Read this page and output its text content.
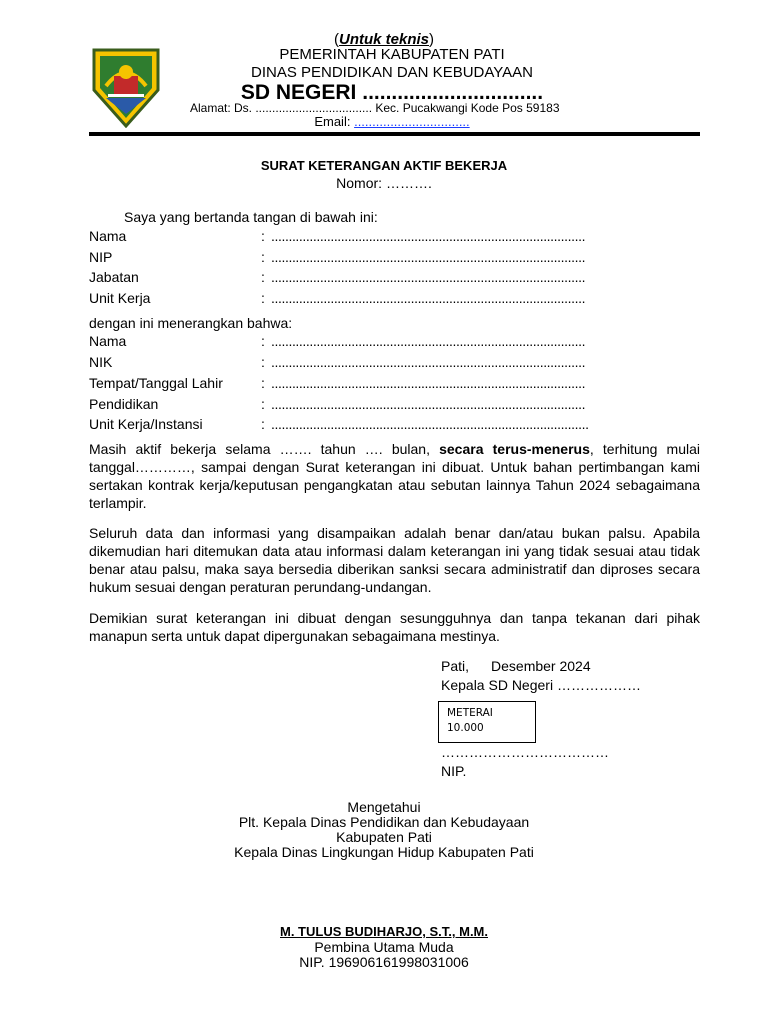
(Untuk teknis)
PEMERINTAH KABUPATEN PATI
DINAS PENDIDIKAN DAN KEBUDAYAAN
SD NEGERI ...............................
Alamat: Ds. ................................... Kec. Pucakwangi Kode Pos 59183
Email: ................................
SURAT KETERANGAN AKTIF BEKERJA
Nomor: ……….
Saya yang bertanda tangan di bawah ini:
Nama	: ..........................................................................................
NIP	: ..........................................................................................
Jabatan	: ..........................................................................................
Unit Kerja	: ..........................................................................................
dengan ini menerangkan bahwa:
Nama	: ..........................................................................................
NIK	: ..........................................................................................
Tempat/Tanggal Lahir	: ..........................................................................................
Pendidikan	: ..........................................................................................
Unit Kerja/Instansi	: ...........................................................................................
Masih aktif bekerja selama ……. tahun …. bulan, secara terus-menerus, terhitung mulai tanggal…………, sampai dengan Surat keterangan ini dibuat. Untuk bahan pertimbangan kami sertakan kontrak kerja/keputusan pengangkatan atau sebutan lainnya Tahun 2024 sebagaimana terlampir.
Seluruh data dan informasi yang disampaikan adalah benar dan/atau bukan palsu. Apabila dikemudian hari ditemukan data atau informasi dalam keterangan ini yang tidak sesuai atau tidak benar atau palsu, maka saya bersedia diberikan sanksi secara administratif dan diproses secara hukum sesuai dengan peraturan perundang-undangan.
Demikian surat keterangan ini dibuat dengan sesungguhnya dan tanpa tekanan dari pihak manapun serta untuk dapat dipergunakan sebagaimana mestinya.
Pati, Desember 2024
Kepala SD Negeri ………………
METERAI
10.000
………………………………
NIP.
Mengetahui
Plt. Kepala Dinas Pendidikan dan Kebudayaan
Kabupaten Pati
Kepala Dinas Lingkungan Hidup Kabupaten Pati
M. TULUS BUDIHARJO, S.T., M.M.
Pembina Utama Muda
NIP. 196906161998031006
